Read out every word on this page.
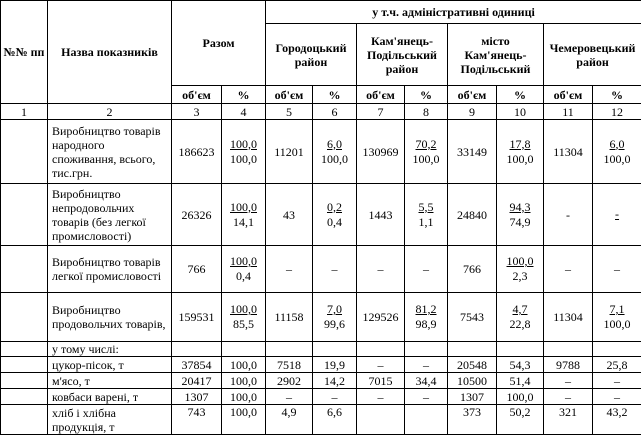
№№ пп	Назва показників	Разом		у т.ч. адміністративні одиниці							
				Городоцький район		Кам'янець-Подільський район		місто Кам'янець-Подільський		Чемеровецький район	
		об'єм	%	об'єм	%	об'єм	%	об'єм	%	об'єм	%
1	2	3	4	5	6	7	8	9	10	11	12
	Виробництво товарів народного споживання, всього, тис.грн.	186623	$\frac{100,0}{100,0}$	11201	$\frac{6,0}{100,0}$	130969	$\frac{70,2}{100,0}$	33149	$\frac{17,8}{100,0}$	11304	$\frac{6,0}{100,0}$

	Виробництво непродовольчих товарів (без легкої промисловості)	26326	$\frac{100,0}{14,1}$	43	$\frac{0,2}{0,4}$	1443	$\frac{5,5}{1,1}$	24840	$\frac{94,3}{74,9}$	-	-

	Виробництво товарів легкої промисловості	766	$\frac{100,0}{0,4}$	–	–	–	–	766	$\frac{100,0}{2,3}$	–	–
	Виробництво продовольчих товарів,	159531	$\frac{100,0}{85,5}$	11158	$\frac{7,0}{99,6}$	129526	$\frac{81,2}{98,9}$	7543	$\frac{4,7}{22,8}$	11304	$\frac{7,1}{100,0}$

	у тому числі:										
	цукор-пісок, т	37854	100,0	7518	19,9	–	–	20548	54,3	9788	25,8
	м'ясо, т	20417	100,0	2902	14,2	7015	34,4	10500	51,4	–	–
	ковбаси варені, т	1307	100,0	–	–	–	–	1307	100,0	–	–
	хліб і хлібна продукція, т	743	100,0	4,9	6,6			373	50,2	321	43,2
